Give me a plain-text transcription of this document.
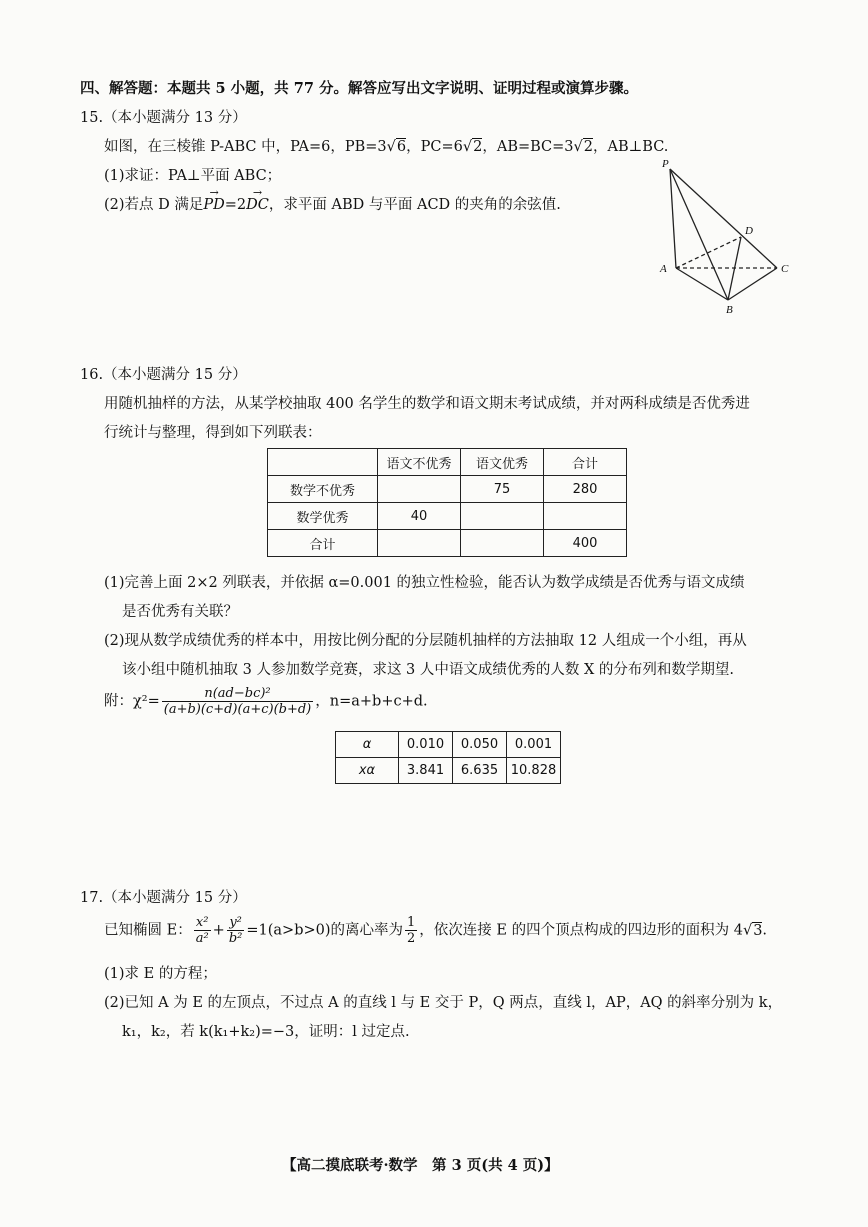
四、解答题：本题共 5 小题，共 77 分。解答应写出文字说明、证明过程或演算步骤。
15.（本小题满分 13 分）
如图，在三棱锥 P-ABC 中，PA=6，PB=3√6，PC=6√2，AB=BC=3√2，AB⊥BC.
(1)求证：PA⊥平面 ABC；
(2)若点 D 满足→ PD=2→ DC，求平面 ABD 与平面 ACD 的夹角的余弦值.
P
A
B
C
D
16.（本小题满分 15 分）
用随机抽样的方法，从某学校抽取 400 名学生的数学和语文期末考试成绩，并对两科成绩是否优秀进
行统计与整理，得到如下列联表：
	语文不优秀	语文优秀	合计
数学不优秀		75	280
数学优秀	40		
合计			400
(1)完善上面 2×2 列联表，并依据 α=0.001 的独立性检验，能否认为数学成绩是否优秀与语文成绩
是否优秀有关联？
(2)现从数学成绩优秀的样本中，用按比例分配的分层随机抽样的方法抽取 12 人组成一个小组，再从
该小组中随机抽取 3 人参加数学竞赛，求这 3 人中语文成绩优秀的人数 X 的分布列和数学期望.
附：$\chi^2= \frac{\text{n(ad−bc)²}}{(a+b)(c+d)(a+c)(b+d)}$ ，n=a+b+c+d.
α	0.010	0.050	0.001
xα	3.841	6.635	10.828
17.（本小题满分 15 分）
已知椭圆 E： $\frac{\text{x²}}{\text{a²}} + \frac{\text{y²}}{\text{b²}} =1(a>b>0)$的离心率为 $\frac{1}{2}$ ，依次连接 E 的四个顶点构成的四边形的面积为 4√3.
(1)求 E 的方程；
(2)已知 A 为 E 的左顶点，不过点 A 的直线 l 与 E 交于 P，Q 两点，直线 l，AP，AQ 的斜率分别为 k，
k₁，k₂，若 k(k₁+k₂)=−3，证明：l 过定点.
【高二摸底联考·数学　第 3 页(共 4 页)】
